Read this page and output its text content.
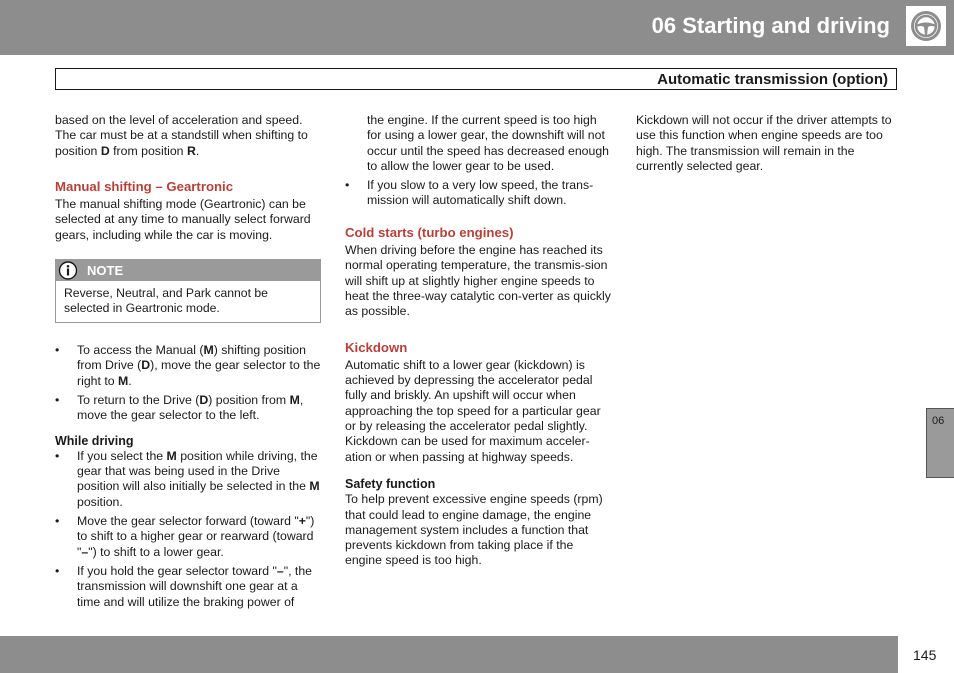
06 Starting and driving
Automatic transmission (option)

based on the level of acceleration and speed.
The car must be at a standstill when shifting to
position D from position R.

Manual shifting – Geartronic

The manual shifting mode (Geartronic) can be selected at any time to manually select forward gears, including while the car is moving.

NOTE
Reverse, Neutral, and Park cannot be selected in Geartronic mode.
• To access the Manual (M) shifting position from Drive (D), move the gear selector to the right to M.
• To return to the Drive (D) position from M, move the gear selector to the left.
While driving
• If you select the M position while driving, the gear that was being used in the Drive position will also initially be selected in the M position.
• Move the gear selector forward (toward "+") to shift to a higher gear or rearward (toward "–") to shift to a lower gear.
• If you hold the gear selector toward "–", the transmission will downshift one gear at a time and will utilize the braking power of

the engine. If the current speed is too high for using a lower gear, the downshift will not occur until the speed has decreased enough to allow the lower gear to be used.

• If you slow to a very low speed, the trans-mission will automatically shift down.
Cold starts (turbo engines)

When driving before the engine has reached its normal operating temperature, the transmis-sion will shift up at slightly higher engine speeds to heat the three-way catalytic con-verter as quickly as possible.

Kickdown

Automatic shift to a lower gear (kickdown) is achieved by depressing the accelerator pedal fully and briskly. An upshift will occur when approaching the top speed for a particular gear or by releasing the accelerator pedal slightly. Kickdown can be used for maximum acceler-ation or when passing at highway speeds.

Safety function

To help prevent excessive engine speeds (rpm) that could lead to engine damage, the engine management system includes a function that prevents kickdown from taking place if the engine speed is too high.

Kickdown will not occur if the driver attempts to use this function when engine speeds are too high. The transmission will remain in the currently selected gear.

06
145
